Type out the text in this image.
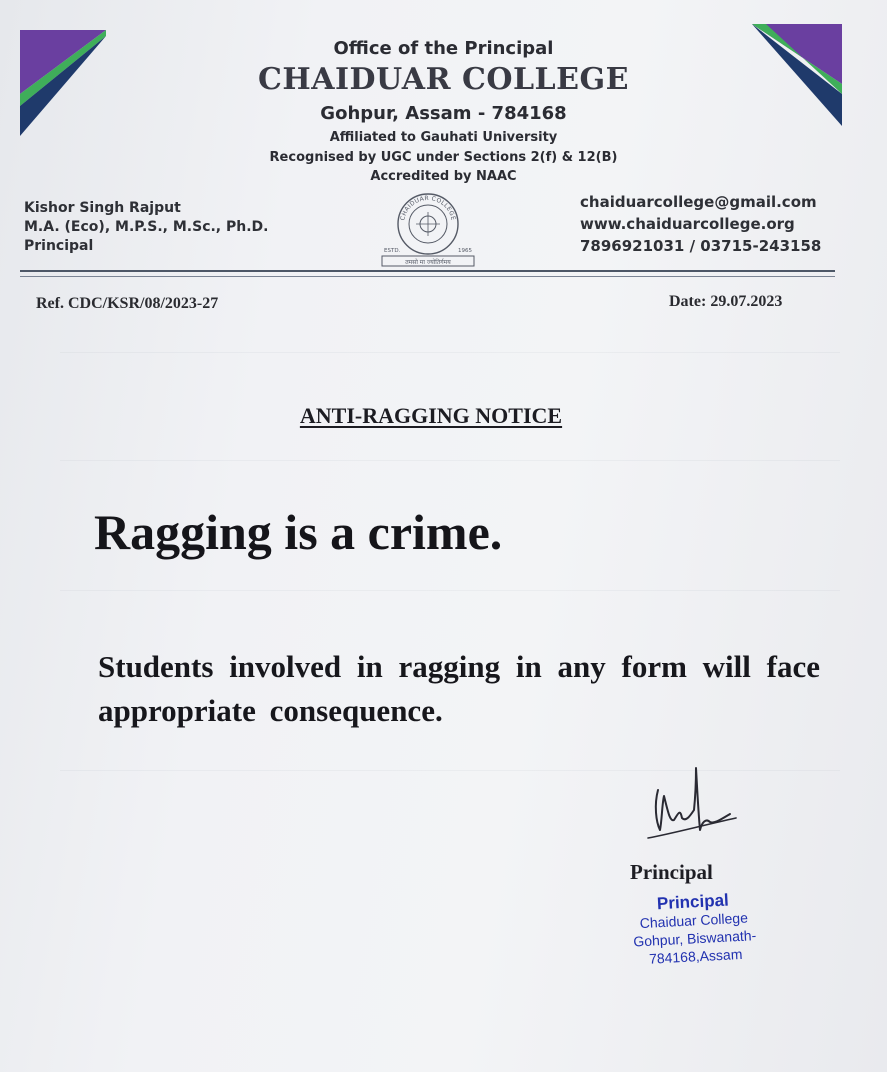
Office of the Principal
CHAIDUAR COLLEGE
Gohpur, Assam - 784168
Affiliated to Gauhati University
Recognised by UGC under Sections 2(f) & 12(B)
Accredited by NAAC
Kishor Singh Rajput
M.A. (Eco), M.P.S., M.Sc., Ph.D.
Principal
CHAIDUAR COLLEGE
ESTD.	1965
तमसो मा ज्योतिर्गमय
chaiduarcollege@gmail.com
www.chaiduarcollege.org
7896921031 / 03715-243158
Ref. CDC/KSR/08/2023-27	Date: 29.07.2023
ANTI-RAGGING NOTICE
Ragging is a crime.
Students involved in ragging in any form will face appropriate consequence.
Principal
Principal
Chaiduar College
Gohpur, Biswanath-784168,Assam
